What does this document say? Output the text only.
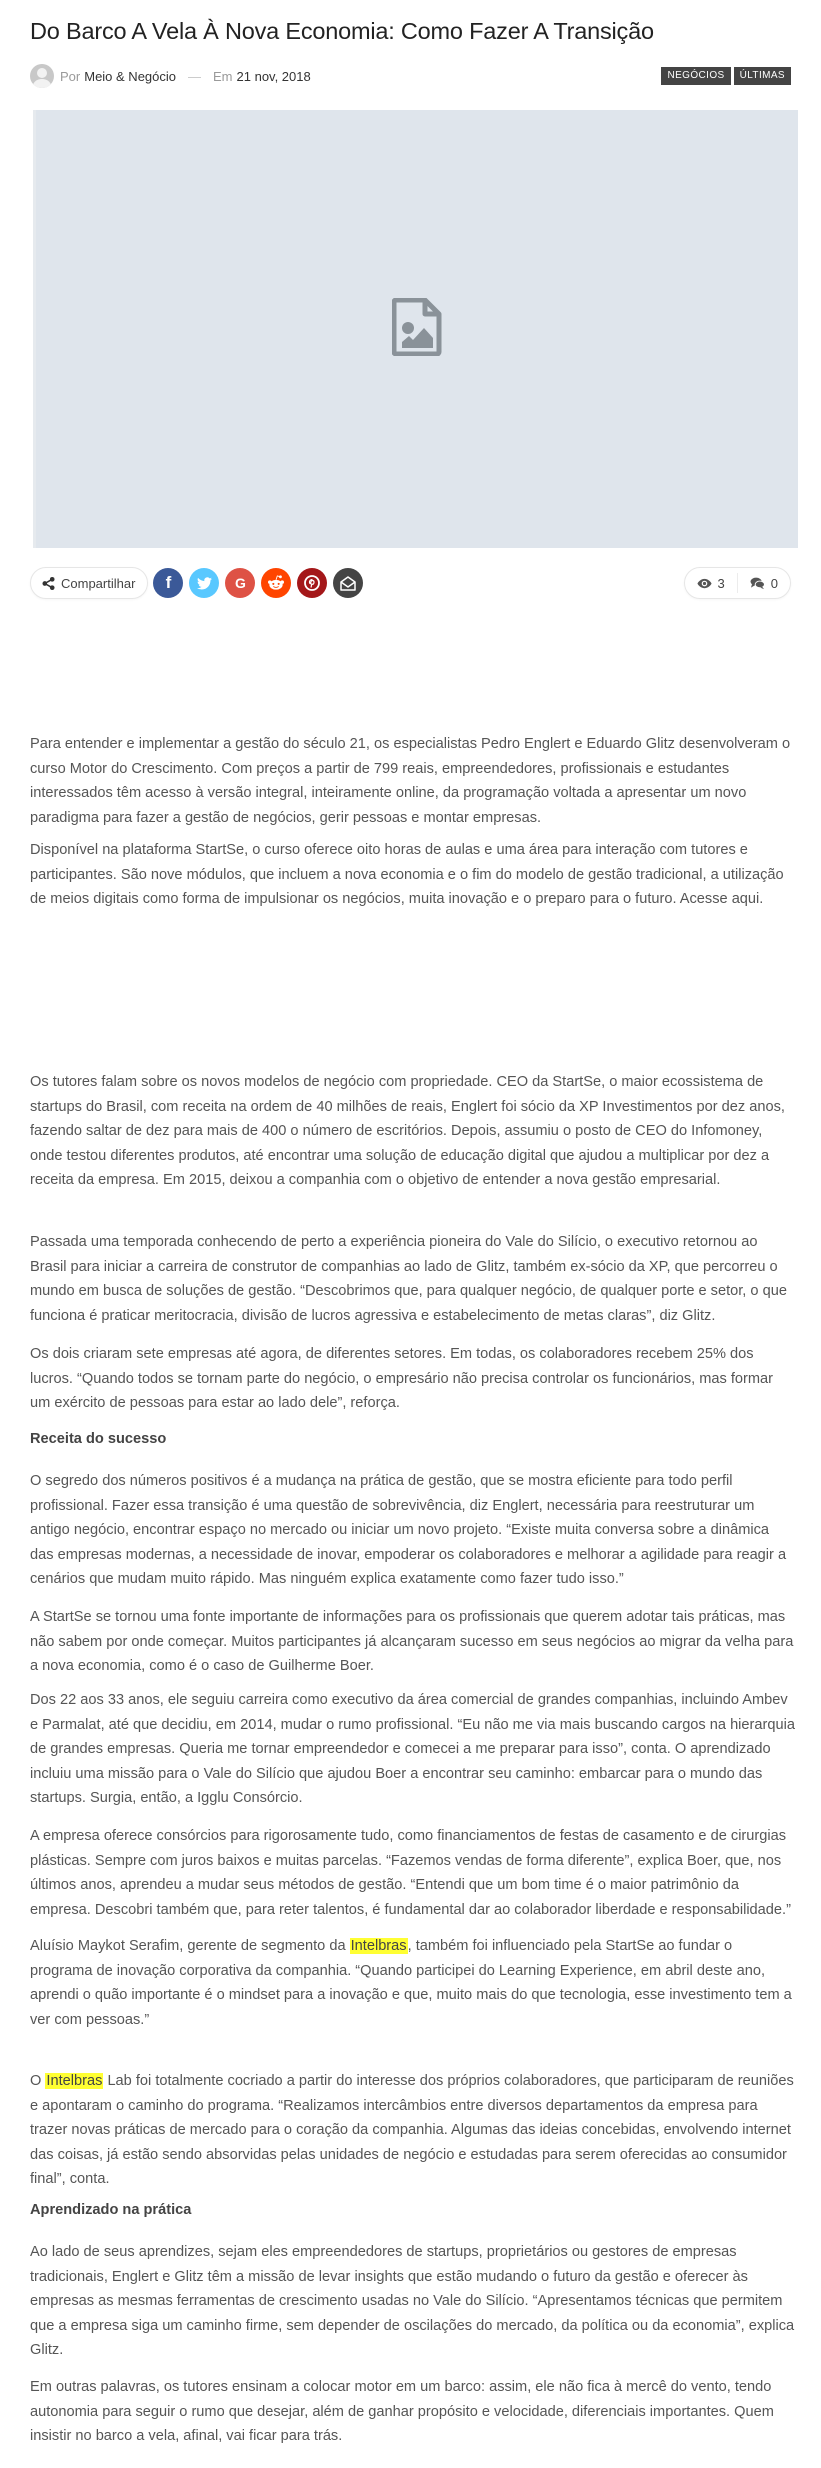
Do Barco A Vela À Nova Economia: Como Fazer A Transição
Por Meio & Negócio — Em 21 nov, 2018	NEGÓCIOS	ÚLTIMAS
Compartilhar f	G	3	0

Para entender e implementar a gestão do século 21, os especialistas Pedro Englert e Eduardo Glitz desenvolveram o curso Motor do Crescimento. Com preços a partir de 799 reais, empreendedores, profissionais e estudantes interessados têm acesso à versão integral, inteiramente online, da programação voltada a apresentar um novo paradigma para fazer a gestão de negócios, gerir pessoas e montar empresas.

Disponível na plataforma StartSe, o curso oferece oito horas de aulas e uma área para interação com tutores e participantes. São nove módulos, que incluem a nova economia e o fim do modelo de gestão tradicional, a utilização de meios digitais como forma de impulsionar os negócios, muita inovação e o preparo para o futuro. Acesse aqui.

Os tutores falam sobre os novos modelos de negócio com propriedade. CEO da StartSe, o maior ecossistema de startups do Brasil, com receita na ordem de 40 milhões de reais, Englert foi sócio da XP Investimentos por dez anos, fazendo saltar de dez para mais de 400 o número de escritórios. Depois, assumiu o posto de CEO do Infomoney, onde testou diferentes produtos, até encontrar uma solução de educação digital que ajudou a multiplicar por dez a receita da empresa. Em 2015, deixou a companhia com o objetivo de entender a nova gestão empresarial.

Passada uma temporada conhecendo de perto a experiência pioneira do Vale do Silício, o executivo retornou ao Brasil para iniciar a carreira de construtor de companhias ao lado de Glitz, também ex-sócio da XP, que percorreu o mundo em busca de soluções de gestão. “Descobrimos que, para qualquer negócio, de qualquer porte e setor, o que funciona é praticar meritocracia, divisão de lucros agressiva e estabelecimento de metas claras”, diz Glitz.

Os dois criaram sete empresas até agora, de diferentes setores. Em todas, os colaboradores recebem 25% dos lucros. “Quando todos se tornam parte do negócio, o empresário não precisa controlar os funcionários, mas formar um exército de pessoas para estar ao lado dele”, reforça.

Receita do sucesso

O segredo dos números positivos é a mudança na prática de gestão, que se mostra eficiente para todo perfil profissional. Fazer essa transição é uma questão de sobrevivência, diz Englert, necessária para reestruturar um antigo negócio, encontrar espaço no mercado ou iniciar um novo projeto. “Existe muita conversa sobre a dinâmica das empresas modernas, a necessidade de inovar, empoderar os colaboradores e melhorar a agilidade para reagir a cenários que mudam muito rápido. Mas ninguém explica exatamente como fazer tudo isso.”

A StartSe se tornou uma fonte importante de informações para os profissionais que querem adotar tais práticas, mas não sabem por onde começar. Muitos participantes já alcançaram sucesso em seus negócios ao migrar da velha para a nova economia, como é o caso de Guilherme Boer.

Dos 22 aos 33 anos, ele seguiu carreira como executivo da área comercial de grandes companhias, incluindo Ambev e Parmalat, até que decidiu, em 2014, mudar o rumo profissional. “Eu não me via mais buscando cargos na hierarquia de grandes empresas. Queria me tornar empreendedor e comecei a me preparar para isso”, conta. O aprendizado incluiu uma missão para o Vale do Silício que ajudou Boer a encontrar seu caminho: embarcar para o mundo das startups. Surgia, então, a Igglu Consórcio.

A empresa oferece consórcios para rigorosamente tudo, como financiamentos de festas de casamento e de cirurgias plásticas. Sempre com juros baixos e muitas parcelas. “Fazemos vendas de forma diferente”, explica Boer, que, nos últimos anos, aprendeu a mudar seus métodos de gestão. “Entendi que um bom time é o maior patrimônio da empresa. Descobri também que, para reter talentos, é fundamental dar ao colaborador liberdade e responsabilidade.”

Aluísio Maykot Serafim, gerente de segmento da Intelbras, também foi influenciado pela StartSe ao fundar o programa de inovação corporativa da companhia. “Quando participei do Learning Experience, em abril deste ano, aprendi o quão importante é o mindset para a inovação e que, muito mais do que tecnologia, esse investimento tem a ver com pessoas.”

O Intelbras Lab foi totalmente cocriado a partir do interesse dos próprios colaboradores, que participaram de reuniões e apontaram o caminho do programa. “Realizamos intercâmbios entre diversos departamentos da empresa para trazer novas práticas de mercado para o coração da companhia. Algumas das ideias concebidas, envolvendo internet das coisas, já estão sendo absorvidas pelas unidades de negócio e estudadas para serem oferecidas ao consumidor final”, conta.

Aprendizado na prática

Ao lado de seus aprendizes, sejam eles empreendedores de startups, proprietários ou gestores de empresas tradicionais, Englert e Glitz têm a missão de levar insights que estão mudando o futuro da gestão e oferecer às empresas as mesmas ferramentas de crescimento usadas no Vale do Silício. “Apresentamos técnicas que permitem que a empresa siga um caminho firme, sem depender de oscilações do mercado, da política ou da economia”, explica Glitz.

Em outras palavras, os tutores ensinam a colocar motor em um barco: assim, ele não fica à mercê do vento, tendo autonomia para seguir o rumo que desejar, além de ganhar propósito e velocidade, diferenciais importantes. Quem insistir no barco a vela, afinal, vai ficar para trás.
